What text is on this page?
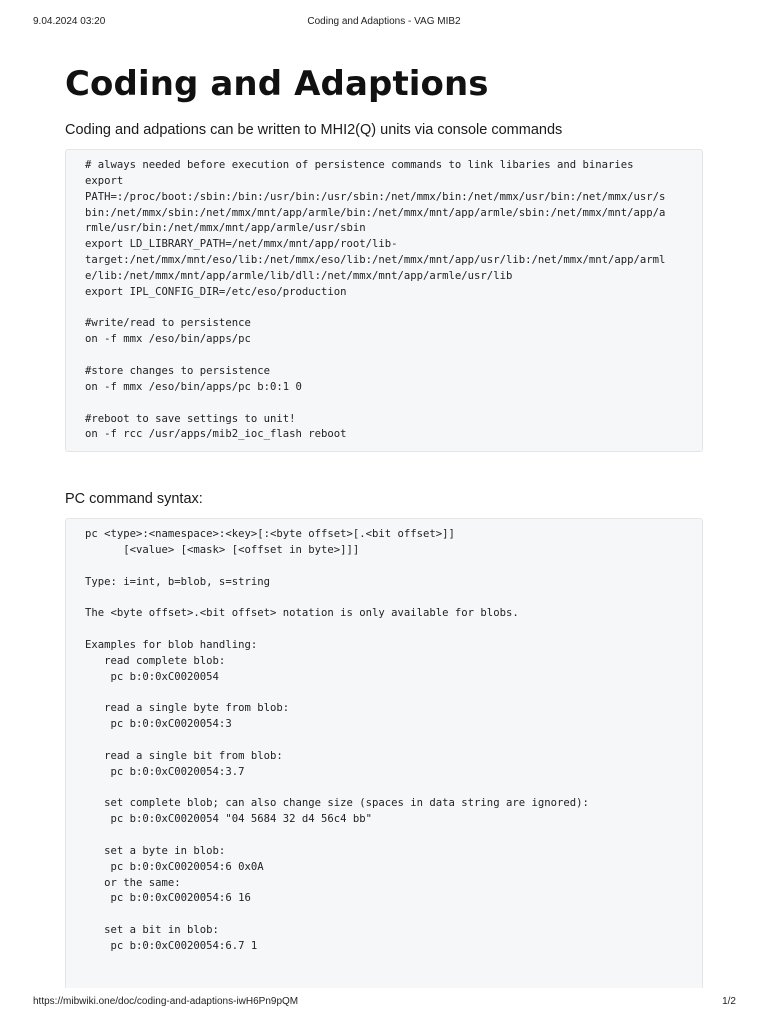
9.04.2024 03:20	Coding and Adaptions - VAG MIB2
Coding and Adaptions

Coding and adpations can be written to MHI2(Q) units via console commands

# always needed before execution of persistence commands to link libaries and binaries
export
PATH=:/proc/boot:/sbin:/bin:/usr/bin:/usr/sbin:/net/mmx/bin:/net/mmx/usr/bin:/net/mmx/usr/s
bin:/net/mmx/sbin:/net/mmx/mnt/app/armle/bin:/net/mmx/mnt/app/armle/sbin:/net/mmx/mnt/app/a
rmle/usr/bin:/net/mmx/mnt/app/armle/usr/sbin
export LD_LIBRARY_PATH=/net/mmx/mnt/app/root/lib-
target:/net/mmx/mnt/eso/lib:/net/mmx/eso/lib:/net/mmx/mnt/app/usr/lib:/net/mmx/mnt/app/arml
e/lib:/net/mmx/mnt/app/armle/lib/dll:/net/mmx/mnt/app/armle/usr/lib
export IPL_CONFIG_DIR=/etc/eso/production

#write/read to persistence
on -f mmx /eso/bin/apps/pc

#store changes to persistence
on -f mmx /eso/bin/apps/pc b:0:1 0

#reboot to save settings to unit!
on -f rcc /usr/apps/mib2_ioc_flash reboot

PC command syntax:

pc <type>:<namespace>:<key>[:<byte offset>[.<bit offset>]]
[<value> [<mask> [<offset in byte>]]]

Type: i=int, b=blob, s=string

The <byte offset>.<bit offset> notation is only available for blobs.

Examples for blob handling:
read complete blob:
pc b:0:0xC0020054

read a single byte from blob:
pc b:0:0xC0020054:3

read a single bit from blob:
pc b:0:0xC0020054:3.7

set complete blob; can also change size (spaces in data string are ignored):
pc b:0:0xC0020054 "04 5684 32 d4 56c4 bb"

set a byte in blob:
pc b:0:0xC0020054:6 0x0A
or the same:
pc b:0:0xC0020054:6 16

set a bit in blob:
pc b:0:0xC0020054:6.7 1
https://mibwiki.one/doc/coding-and-adaptions-iwH6Pn9pQM	1/2
